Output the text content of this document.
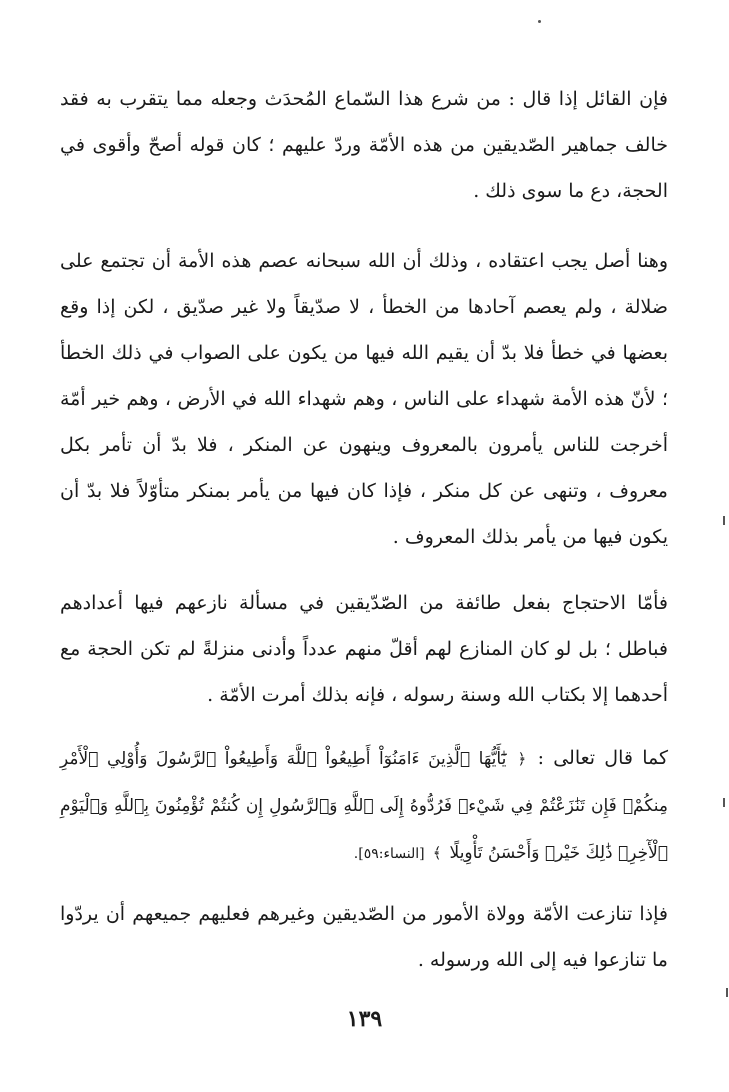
فإن القائل إذا قال : من شرع هذا السّماع المُحدَث وجعله مما يتقرب به فقد خالف جماهير الصّديقين من هذه الأمّة وردّ عليهم ؛ كان قوله أصحّ وأقوى في الحجة، دع ما سوى ذلك .

وهنا أصل يجب اعتقاده ، وذلك أن الله سبحانه عصم هذه الأمة أن تجتمع على ضلالة ، ولم يعصم آحادها من الخطأ ، لا صدّيقاً ولا غير صدّيق ، لكن إذا وقع بعضها في خطأ فلا بدّ أن يقيم الله فيها من يكون على الصواب في ذلك الخطأ ؛ لأنّ هذه الأمة شهداء على الناس ، وهم شهداء الله في الأرض ، وهم خير أمّة أخرجت للناس يأمرون بالمعروف وينهون عن المنكر ، فلا بدّ أن تأمر بكل معروف ، وتنهى عن كل منكر ، فإذا كان فيها من يأمر بمنكر متأوّلاً فلا بدّ أن يكون فيها من يأمر بذلك المعروف .

فأمّا الاحتجاج بفعل طائفة من الصّدّيقين في مسألة نازعهم فيها أعدادهم فباطل ؛ بل لو كان المنازع لهم أقلّ منهم عدداً وأدنى منزلةً لم تكن الحجة مع أحدهما إلا بكتاب الله وسنة رسوله ، فإنه بذلك أمرت الأمّة .

كما قال تعالى : ﴿ يَٰٓأَيُّهَا ٱلَّذِينَ ءَامَنُوٓاْ أَطِيعُواْ ٱللَّهَ وَأَطِيعُواْ ٱلرَّسُولَ وَأُوْلِي ٱلْأَمْرِ مِنكُمْۖ فَإِن تَنَٰزَعْتُمْ فِي شَيْءٖ فَرُدُّوهُ إِلَى ٱللَّهِ وَٱلرَّسُولِ إِن كُنتُمْ تُؤْمِنُونَ بِٱللَّهِ وَٱلْيَوْمِ ٱلْأٓخِرِۚ ذَٰلِكَ خَيْرٞ وَأَحْسَنُ تَأْوِيلًا ﴾ [النساء:٥٩].

فإذا تنازعت الأمّة وولاة الأمور من الصّديقين وغيرهم فعليهم جميعهم أن يردّوا ما تنازعوا فيه إلى الله ورسوله .

١٣٩
